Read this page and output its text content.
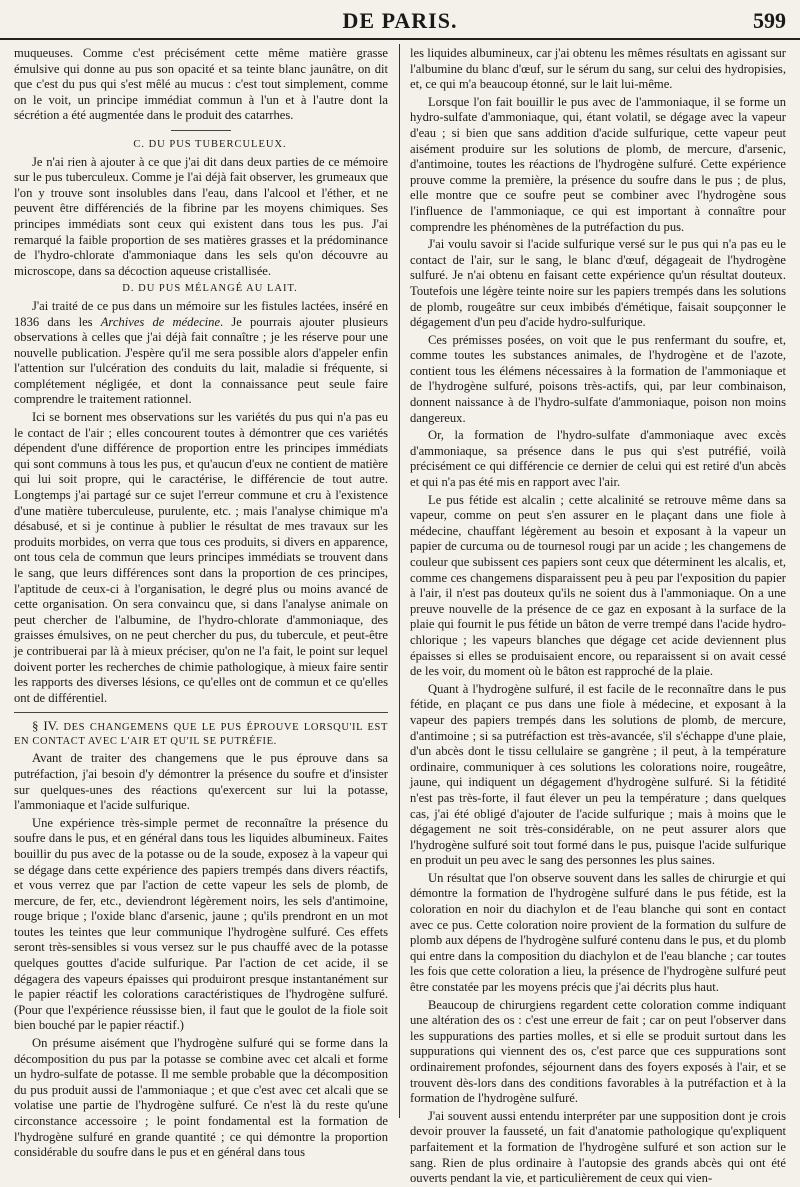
DE PARIS.	599

muqueuses. Comme c'est précisément cette même matière grasse émulsive qui donne au pus son opacité et sa teinte blanc jaunâtre, on dit que c'est du pus qui s'est mêlé au mucus : c'est tout simplement, comme on le voit, un principe immédiat commun à l'un et à l'autre dont la sécrétion a été augmentée dans le produit des catarrhes.

C. DU PUS TUBERCULEUX.

Je n'ai rien à ajouter à ce que j'ai dit dans deux parties de ce mémoire sur le pus tuberculeux. Comme je l'ai déjà fait observer, les grumeaux que l'on y trouve sont insolubles dans l'eau, dans l'alcool et l'éther, et ne peuvent être différenciés de la fibrine par les moyens chimiques. Ses principes immédiats sont ceux qui existent dans tous les pus. J'ai remarqué la faible proportion de ses matières grasses et la prédominance de l'hydro-chlorate d'ammoniaque dans les sels qu'on découvre au microscope, dans sa décoction aqueuse cristallisée.

D. DU PUS MÉLANGÉ AU LAIT.

J'ai traité de ce pus dans un mémoire sur les fistules lactées, inséré en 1836 dans les Archives de médecine. Je pourrais ajouter plusieurs observations à celles que j'ai déjà fait connaître ; je les réserve pour une nouvelle publication. J'espère qu'il me sera possible alors d'appeler enfin l'attention sur l'ulcération des conduits du lait, maladie si fréquente, si complétement négligée, et dont la connaissance peut seule faire comprendre le traitement rationnel.

Ici se bornent mes observations sur les variétés du pus qui n'a pas eu le contact de l'air ; elles concourent toutes à démontrer que ces variétés dépendent d'une différence de proportion entre les principes immédiats qui sont communs à tous les pus, et qu'aucun d'eux ne contient de matière qui lui soit propre, qui le caractérise, le différencie de tout autre. Longtemps j'ai partagé sur ce sujet l'erreur commune et cru à l'existence d'une matière tuberculeuse, purulente, etc. ; mais l'analyse chimique m'a désabusé, et si je continue à publier le résultat de mes travaux sur les produits morbides, on verra que tous ces produits, si divers en apparence, ont tous cela de commun que leurs principes immédiats se trouvent dans le sang, que leurs différences sont dans la proportion de ces principes, l'aptitude de ceux-ci à l'organisation, le degré plus ou moins avancé de cette organisation. On sera convaincu que, si dans l'analyse animale on peut chercher de l'albumine, de l'hydro-chlorate d'ammoniaque, des graisses émulsives, on ne peut chercher du pus, du tubercule, et peut-être je contribuerai par là à mieux préciser, qu'on ne l'a fait, le point sur lequel doivent porter les recherches de chimie pathologique, à mieux faire sentir les rapports des diverses lésions, ce qu'elles ont de commun et ce qu'elles ont de différentiel.

§ IV. DES CHANGEMENS QUE LE PUS ÉPROUVE LORSQU'IL EST EN CONTACT AVEC L'AIR ET QU'IL SE PUTRÉFIE.

Avant de traiter des changemens que le pus éprouve dans sa putréfaction, j'ai besoin d'y démontrer la présence du soufre et d'insister sur quelques-unes des réactions qu'exercent sur lui la potasse, l'ammoniaque et l'acide sulfurique.

Une expérience très-simple permet de reconnaître la présence du soufre dans le pus, et en général dans tous les liquides albumineux. Faites bouillir du pus avec de la potasse ou de la soude, exposez à la vapeur qui se dégage dans cette expérience des papiers trempés dans divers réactifs, et vous verrez que par l'action de cette vapeur les sels de plomb, de mercure, de fer, etc., deviendront légèrement noirs, les sels d'antimoine, rouge brique ; l'oxide blanc d'arsenic, jaune ; qu'ils prendront en un mot toutes les teintes que leur communique l'hydrogène sulfuré. Ces effets seront très-sensibles si vous versez sur le pus chauffé avec de la potasse quelques gouttes d'acide sulfurique. Par l'action de cet acide, il se dégagera des vapeurs épaisses qui produiront presque instantanément sur le papier réactif les colorations caractéristiques de l'hydrogène sulfuré. (Pour que l'expérience réussisse bien, il faut que le goulot de la fiole soit bien bouché par le papier réactif.)

On présume aisément que l'hydrogène sulfuré qui se forme dans la décomposition du pus par la potasse se combine avec cet alcali et forme un hydro-sulfate de potasse. Il me semble probable que la décomposition du pus produit aussi de l'ammoniaque ; et que c'est avec cet alcali que se volatise une partie de l'hydrogène sulfuré. Ce n'est là du reste qu'une circonstance accessoire ; le point fondamental est la formation de l'hydrogène sulfuré en grande quantité ; ce qui démontre la proportion considérable du soufre dans le pus et en général dans tous

les liquides albumineux, car j'ai obtenu les mêmes résultats en agissant sur l'albumine du blanc d'œuf, sur le sérum du sang, sur celui des hydropisies, et, ce qui m'a beaucoup étonné, sur le lait lui-même.

Lorsque l'on fait bouillir le pus avec de l'ammoniaque, il se forme un hydro-sulfate d'ammoniaque, qui, étant volatil, se dégage avec la vapeur d'eau ; si bien que sans addition d'acide sulfurique, cette vapeur peut aisément produire sur les solutions de plomb, de mercure, d'arsenic, d'antimoine, toutes les réactions de l'hydrogène sulfuré. Cette expérience prouve comme la première, la présence du soufre dans le pus ; de plus, elle montre que ce soufre peut se combiner avec l'hydrogène sous l'influence de l'ammoniaque, ce qui est important à connaître pour comprendre les phénomènes de la putréfaction du pus.

J'ai voulu savoir si l'acide sulfurique versé sur le pus qui n'a pas eu le contact de l'air, sur le sang, le blanc d'œuf, dégageait de l'hydrogène sulfuré. Je n'ai obtenu en faisant cette expérience qu'un résultat douteux. Toutefois une légère teinte noire sur les papiers trempés dans les solutions de plomb, rougeâtre sur ceux imbibés d'émétique, faisait soupçonner le dégagement d'un peu d'acide hydro-sulfurique.

Ces prémisses posées, on voit que le pus renfermant du soufre, et, comme toutes les substances animales, de l'hydrogène et de l'azote, contient tous les élémens nécessaires à la formation de l'ammoniaque et de l'hydrogène sulfuré, poisons très-actifs, qui, par leur combinaison, donnent naissance à de l'hydro-sulfate d'ammoniaque, poison non moins dangereux.

Or, la formation de l'hydro-sulfate d'ammoniaque avec excès d'ammoniaque, sa présence dans le pus qui s'est putréfié, voilà précisément ce qui différencie ce dernier de celui qui est retiré d'un abcès et qui n'a pas été mis en rapport avec l'air.

Le pus fétide est alcalin ; cette alcalinité se retrouve même dans sa vapeur, comme on peut s'en assurer en le plaçant dans une fiole à médecine, chauffant légèrement au besoin et exposant à la vapeur un papier de curcuma ou de tournesol rougi par un acide ; les changemens de couleur que subissent ces papiers sont ceux que déterminent les alcalis, et, comme ces changemens disparaissent peu à peu par l'exposition du papier à l'air, il n'est pas douteux qu'ils ne soient dus à l'ammoniaque. On a une preuve nouvelle de la présence de ce gaz en exposant à la surface de la plaie qui fournit le pus fétide un bâton de verre trempé dans l'acide hydro-chlorique ; les vapeurs blanches que dégage cet acide deviennent plus épaisses si elles se produisaient encore, ou reparaissent si on avait cessé de les voir, du moment où le bâton est rapproché de la plaie.

Quant à l'hydrogène sulfuré, il est facile de le reconnaître dans le pus fétide, en plaçant ce pus dans une fiole à médecine, et exposant à la vapeur des papiers trempés dans les solutions de plomb, de mercure, d'antimoine ; si sa putréfaction est très-avancée, s'il s'échappe d'une plaie, d'un abcès dont le tissu cellulaire se gangrène ; il peut, à la température ordinaire, communiquer à ces solutions les colorations noire, rougeâtre, jaune, qui indiquent un dégagement d'hydrogène sulfuré. Si la fétidité n'est pas très-forte, il faut élever un peu la température ; dans quelques cas, j'ai été obligé d'ajouter de l'acide sulfurique ; mais à moins que le dégagement ne soit très-considérable, on ne peut assurer alors que l'hydrogène sulfuré soit tout formé dans le pus, puisque l'acide sulfurique en produit un peu avec le sang des personnes les plus saines.

Un résultat que l'on observe souvent dans les salles de chirurgie et qui démontre la formation de l'hydrogène sulfuré dans le pus fétide, est la coloration en noir du diachylon et de l'eau blanche qui sont en contact avec ce pus. Cette coloration noire provient de la formation du sulfure de plomb aux dépens de l'hydrogène sulfuré contenu dans le pus, et du plomb qui entre dans la composition du diachylon et de l'eau blanche ; car toutes les fois que cette coloration a lieu, la présence de l'hydrogène sulfuré peut être constatée par les moyens précis que j'ai décrits plus haut.

Beaucoup de chirurgiens regardent cette coloration comme indiquant une altération des os : c'est une erreur de fait ; car on peut l'observer dans les suppurations des parties molles, et si elle se produit surtout dans les suppurations qui viennent des os, c'est parce que ces suppurations sont ordinairement profondes, séjournent dans des foyers exposés à l'air, et se trouvent dès-lors dans des conditions favorables à la putréfaction et à la formation de l'hydrogène sulfuré.

J'ai souvent aussi entendu interpréter par une supposition dont je crois devoir prouver la fausseté, un fait d'anatomie pathologique qu'expliquent parfaitement et la formation de l'hydrogène sulfuré et son action sur le sang. Rien de plus ordinaire à l'autopsie des grands abcès qui ont été ouverts pendant la vie, et particulièrement de ceux qui vien-
